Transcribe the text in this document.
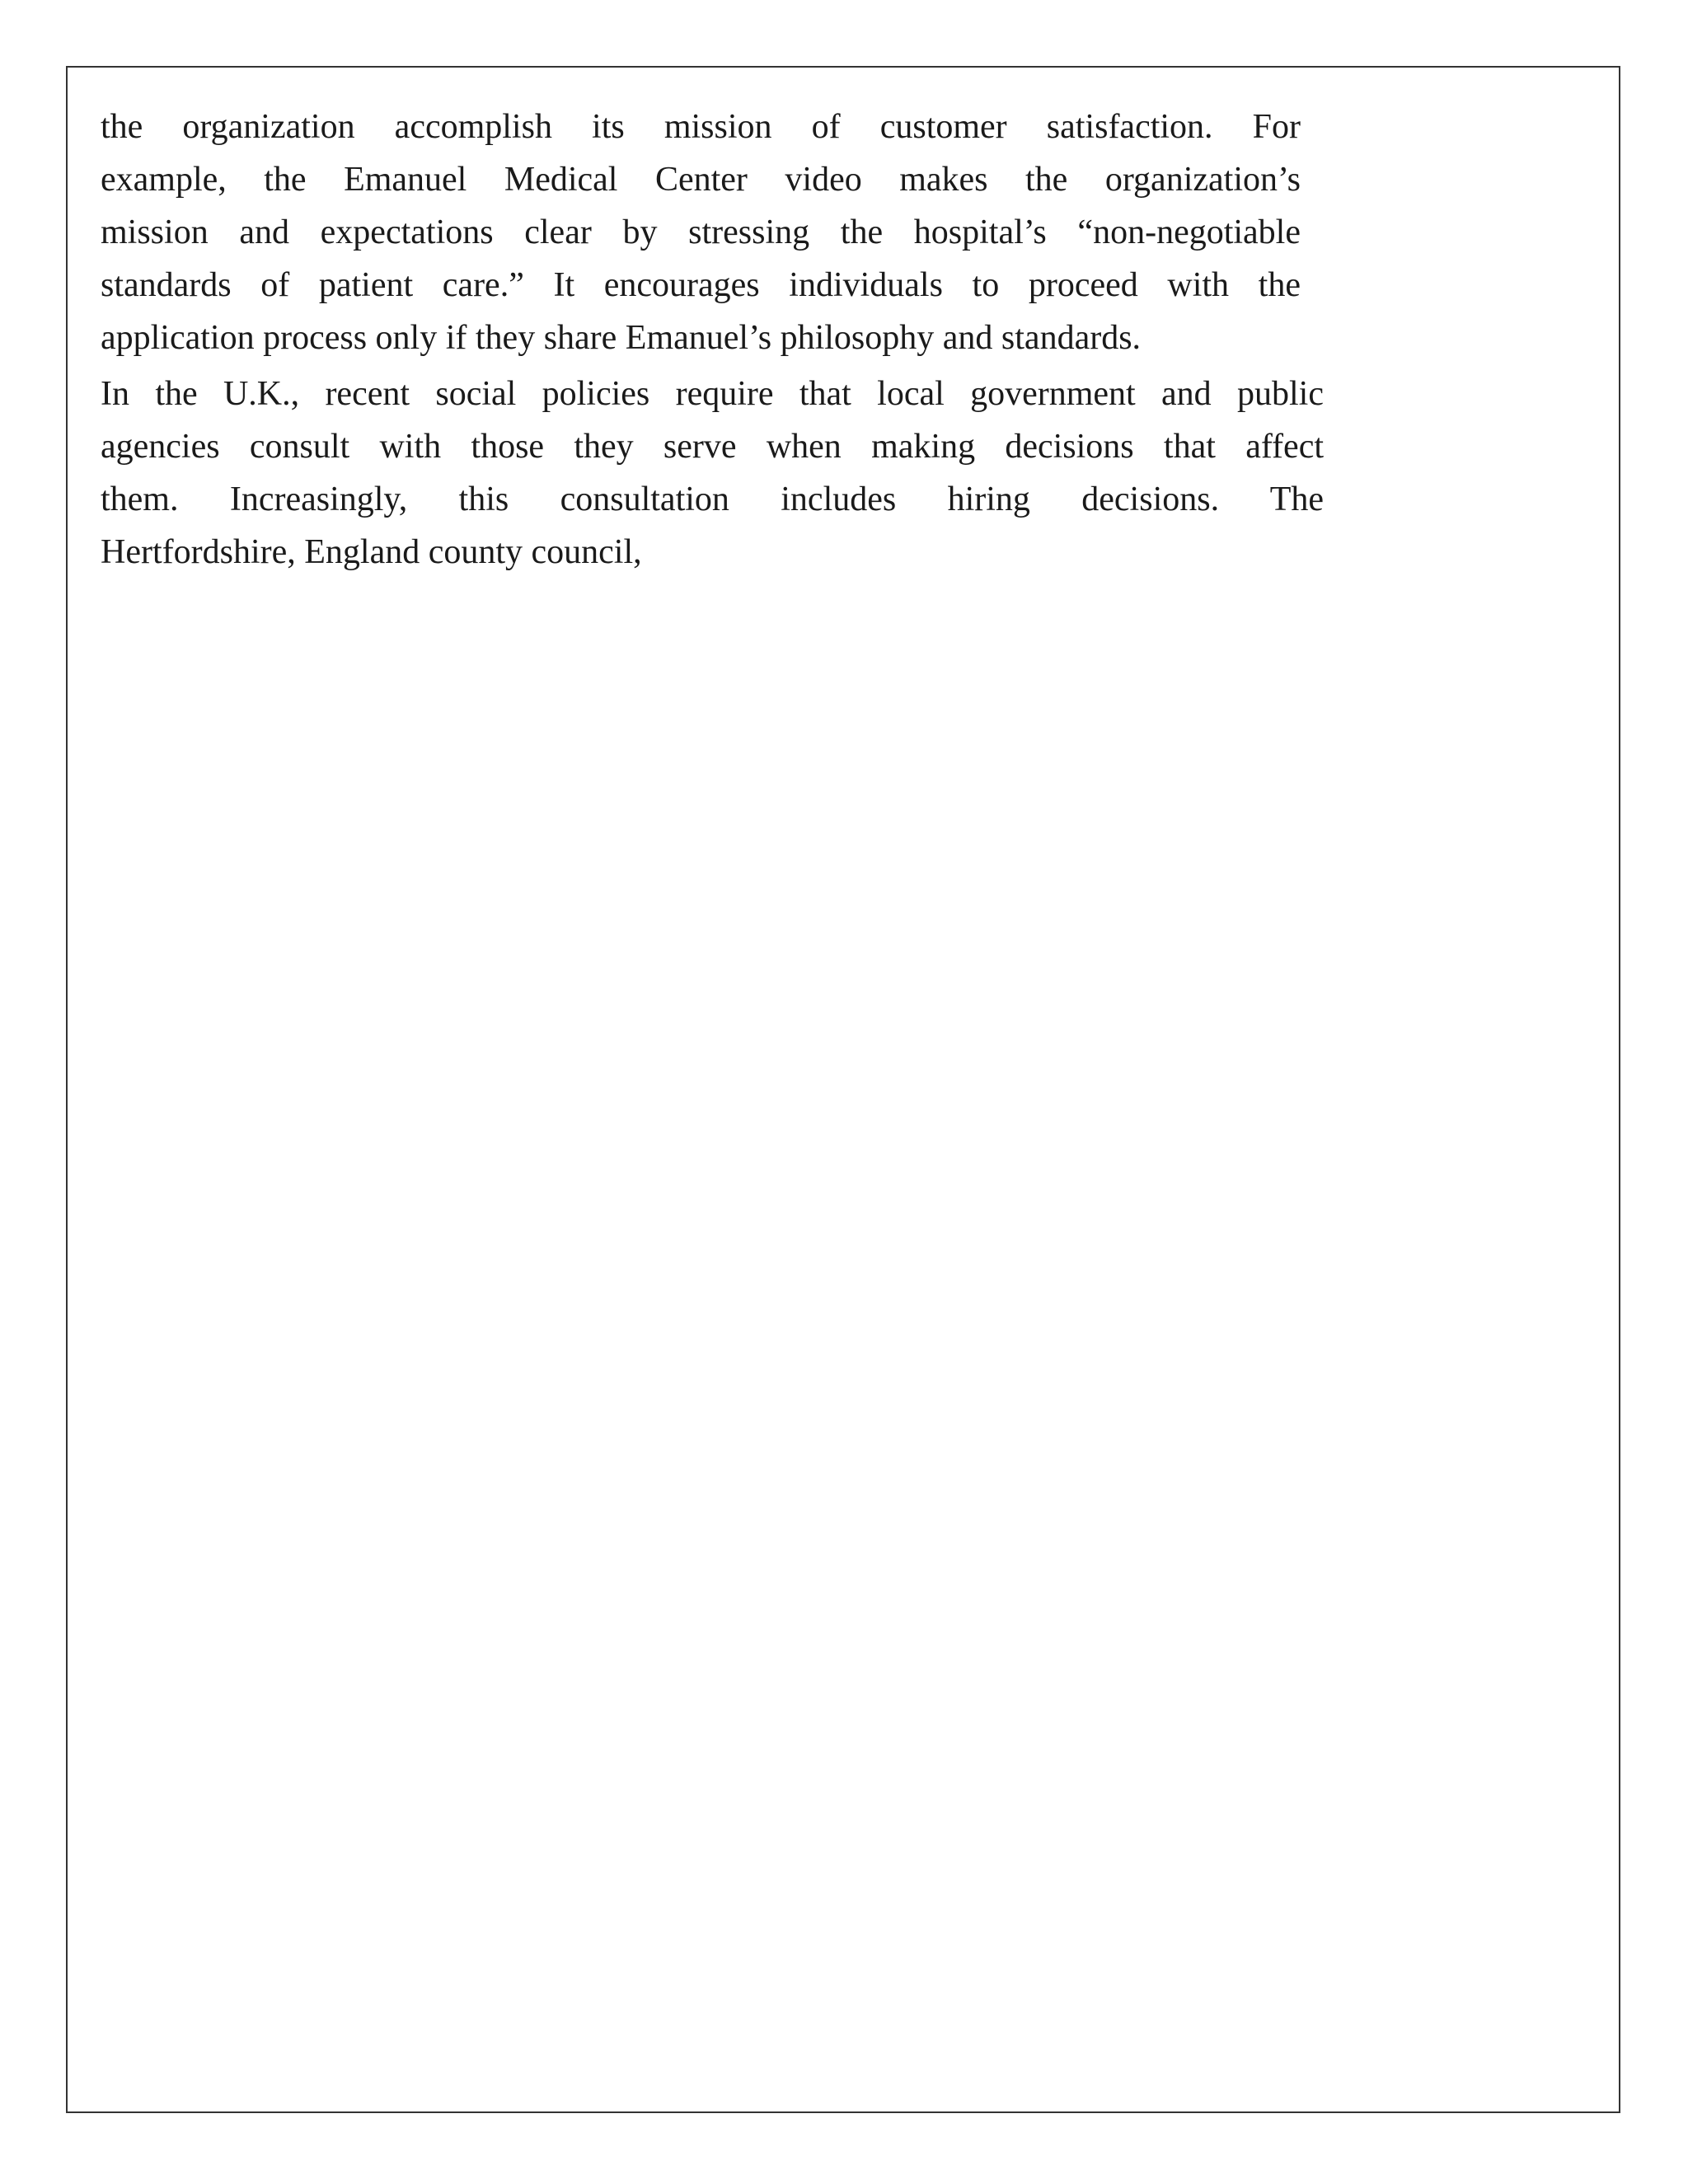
the organization accomplish its mission of customer satisfaction. For
example, the Emanuel Medical Center video makes the organization’s
mission and expectations clear by stressing the hospital’s “non-negotiable
standards of patient care.” It encourages individuals to proceed with the
application process only if they share Emanuel’s philosophy and standards.
In the U.K., recent social policies require that local government and public
agencies consult with those they serve when making decisions that affect
them. Increasingly, this consultation includes hiring decisions. The
Hertfordshire, England county council,
